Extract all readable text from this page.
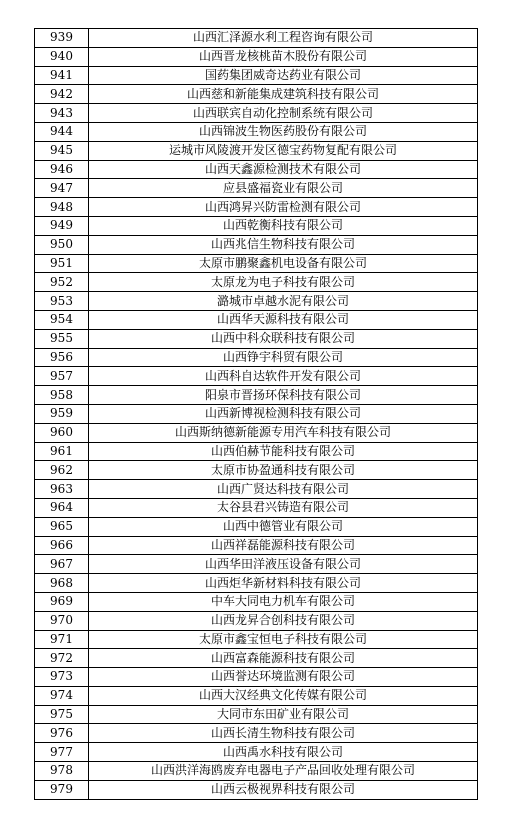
939	山西汇泽源水利工程咨询有限公司
940	山西晋龙核桃苗木股份有限公司
941	国药集团威奇达药业有限公司
942	山西慈和新能集成建筑科技有限公司
943	山西联宾自动化控制系统有限公司
944	山西锦波生物医药股份有限公司
945	运城市风陵渡开发区德宝药物复配有限公司
946	山西天鑫源检测技术有限公司
947	应县盛福瓷业有限公司
948	山西鸿昇兴防雷检测有限公司
949	山西乾衡科技有限公司
950	山西兆信生物科技有限公司
951	太原市鹏聚鑫机电设备有限公司
952	太原龙为电子科技有限公司
953	潞城市卓越水泥有限公司
954	山西华天源科技有限公司
955	山西中科众联科技有限公司
956	山西铮宇科贸有限公司
957	山西科自达软件开发有限公司
958	阳泉市晋扬环保科技有限公司
959	山西新博视检测科技有限公司
960	山西斯纳德新能源专用汽车科技有限公司
961	山西伯赫节能科技有限公司
962	太原市协盈通科技有限公司
963	山西广贤达科技有限公司
964	太谷县君兴铸造有限公司
965	山西中德管业有限公司
966	山西祥磊能源科技有限公司
967	山西华田洋液压设备有限公司
968	山西炬华新材料科技有限公司
969	中车大同电力机车有限公司
970	山西龙昇合创科技有限公司
971	太原市鑫宝恒电子科技有限公司
972	山西富森能源科技有限公司
973	山西誉达环境监测有限公司
974	山西大汉经典文化传媒有限公司
975	大同市东田矿业有限公司
976	山西长清生物科技有限公司
977	山西禹水科技有限公司
978	山西洪洋海鸥废弃电器电子产品回收处理有限公司
979	山西云极视界科技有限公司
